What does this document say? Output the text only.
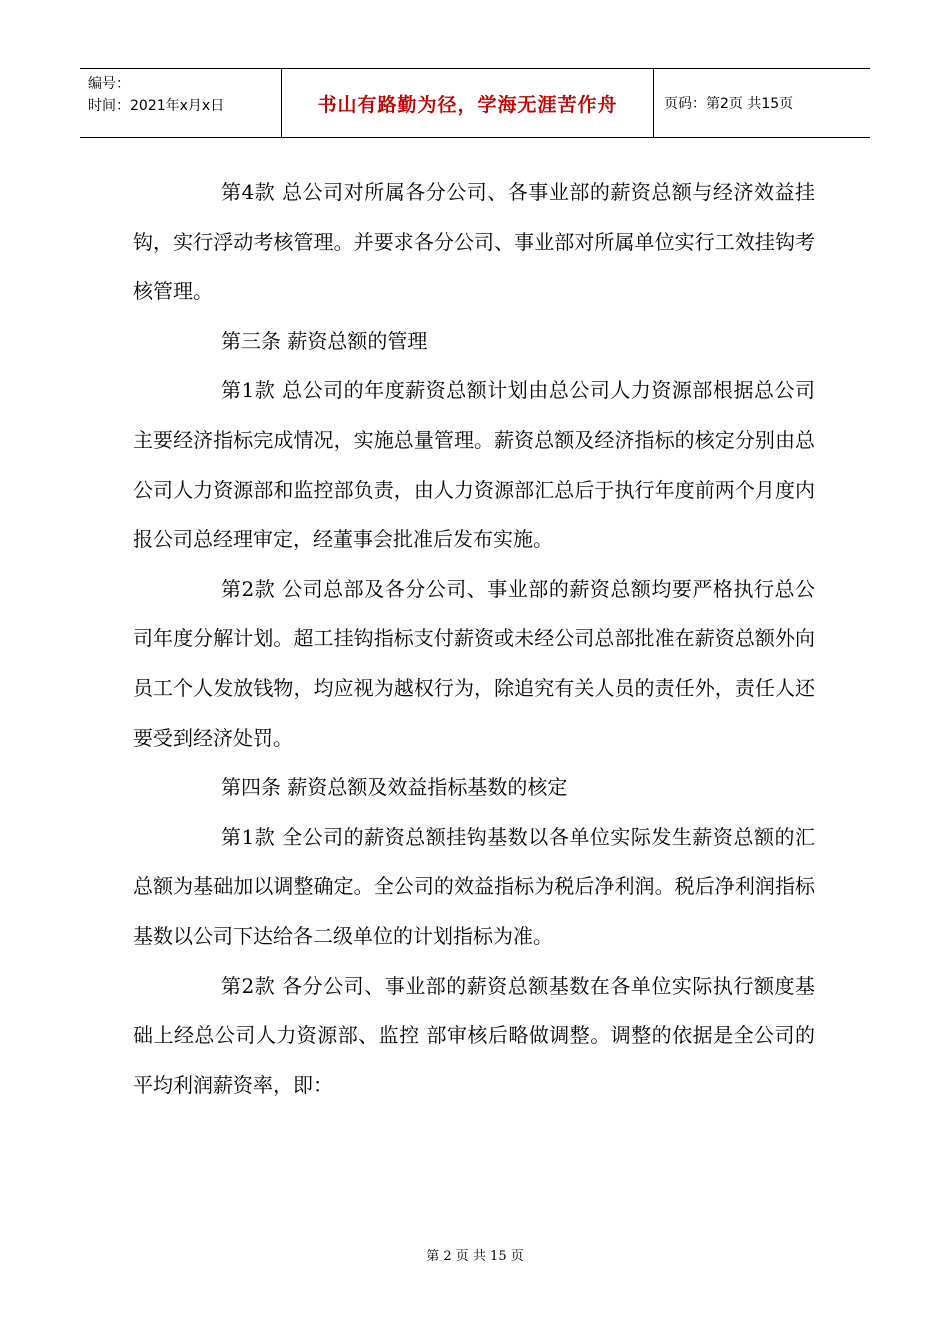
编号：
时间：2021年x月x日	书山有路勤为径，学海无涯苦作舟	页码：第2页 共15页

第4款 总公司对所属各分公司、各事业部的薪资总额与经济效益挂钩，实行浮动考核管理。并要求各分公司、事业部对所属单位实行工效挂钩考核管理。

第三条 薪资总额的管理

第1款 总公司的年度薪资总额计划由总公司人力资源部根据总公司主要经济指标完成情况，实施总量管理。薪资总额及经济指标的核定分别由总公司人力资源部和监控部负责，由人力资源部汇总后于执行年度前两个月度内报公司总经理审定，经董事会批准后发布实施。

第2款 公司总部及各分公司、事业部的薪资总额均要严格执行总公司年度分解计划。超工挂钩指标支付薪资或未经公司总部批准在薪资总额外向员工个人发放钱物，均应视为越权行为，除追究有关人员的责任外，责任人还要受到经济处罚。

第四条 薪资总额及效益指标基数的核定

第1款 全公司的薪资总额挂钩基数以各单位实际发生薪资总额的汇总额为基础加以调整确定。全公司的效益指标为税后净利润。税后净利润指标基数以公司下达给各二级单位的计划指标为准。

第2款 各分公司、事业部的薪资总额基数在各单位实际执行额度基础上经总公司人力资源部、监控 部审核后略做调整。调整的依据是全公司的平均利润薪资率，即：

第 2 页 共 15 页
